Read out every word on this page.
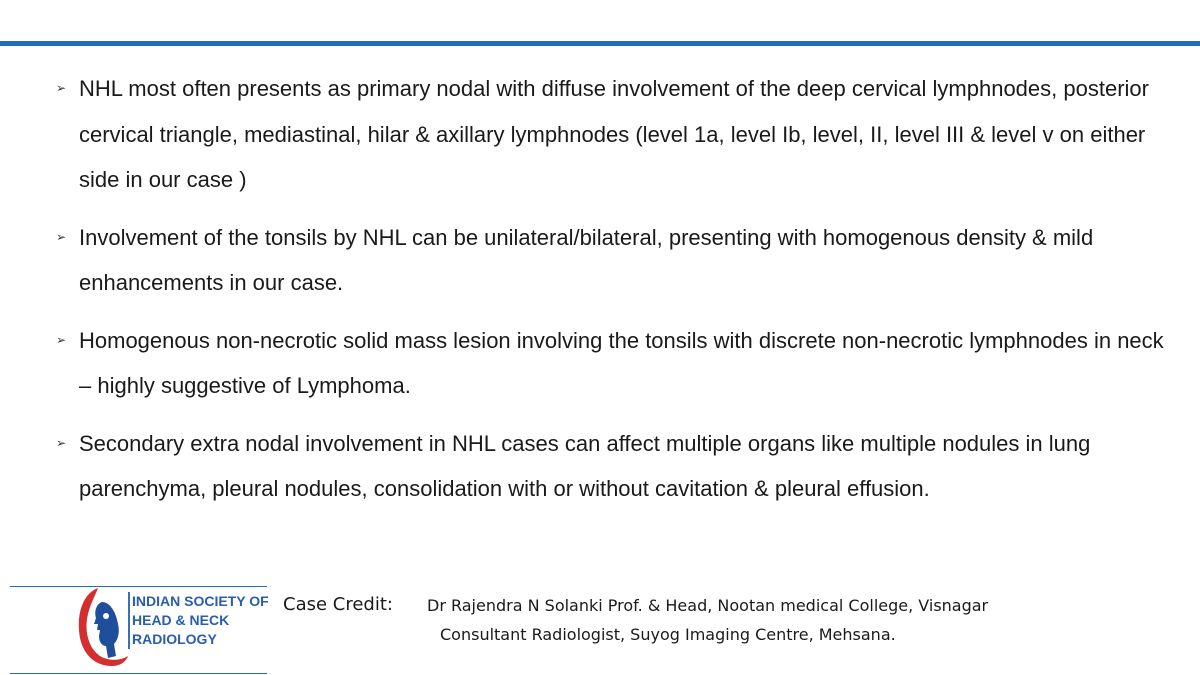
➢ NHL most often presents as primary nodal with diffuse involvement of the deep cervical lymphnodes, posterior cervical triangle, mediastinal, hilar & axillary lymphnodes (level 1a, level Ib, level, II, level III & level v on either side in our case )
➢ Involvement of the tonsils by NHL can be unilateral/bilateral, presenting with homogenous density & mild enhancements in our case.
➢ Homogenous non-necrotic solid mass lesion involving the tonsils with discrete non-necrotic lymphnodes in neck – highly suggestive of Lymphoma.
➢ Secondary extra nodal involvement in NHL cases can affect multiple organs like multiple nodules in lung parenchyma, pleural nodules, consolidation with or without cavitation & pleural effusion.
INDIAN SOCIETY OF
HEAD & NECK
RADIOLOGY
Case Credit: Dr Rajendra N Solanki Prof. & Head, Nootan medical College, Visnagar
Consultant Radiologist, Suyog Imaging Centre, Mehsana.
